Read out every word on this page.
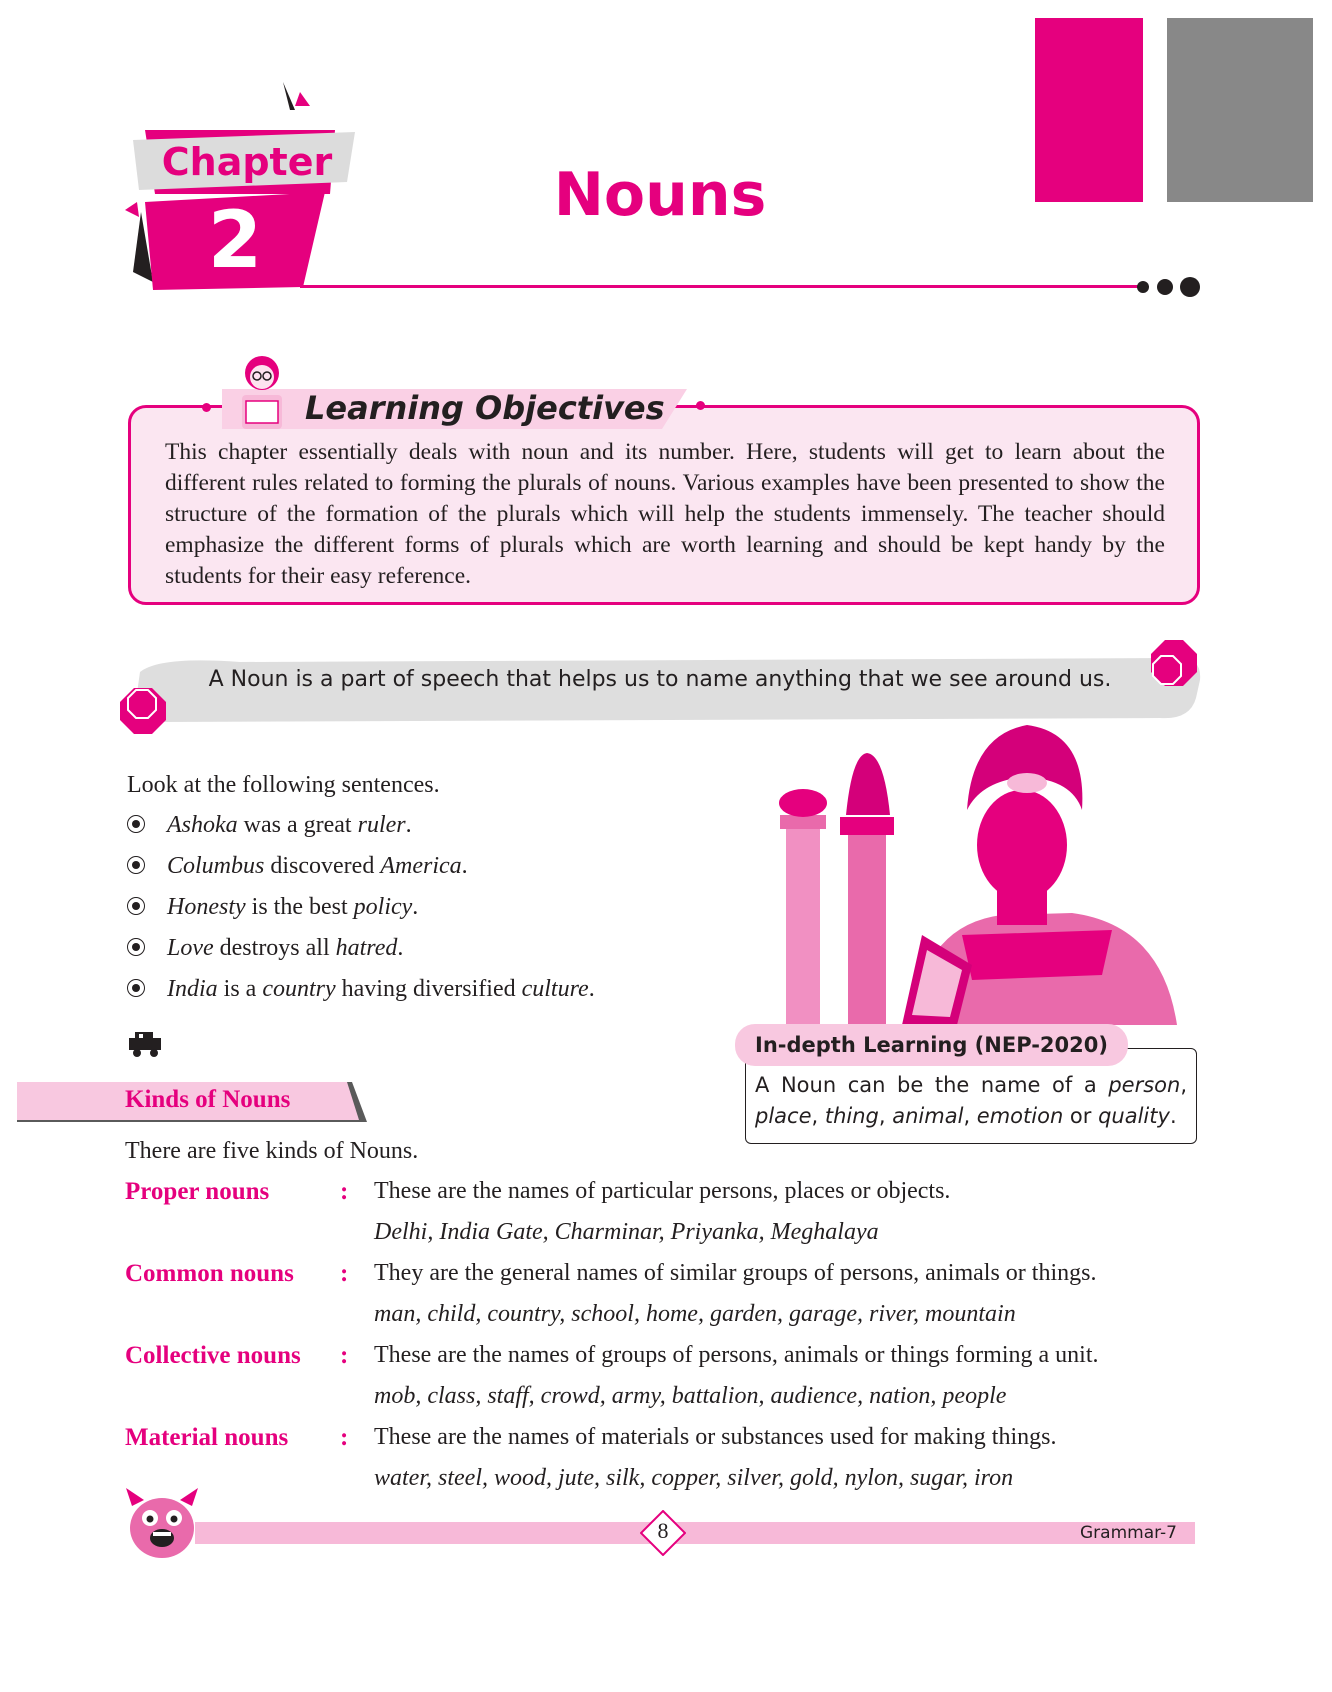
Chapter
2
Nouns
Learning Objectives
This chapter essentially deals with noun and its number. Here, students will get to learn about the different rules related to forming the plurals of nouns. Various examples have been presented to show the structure of the formation of the plurals which will help the students immensely. The teacher should emphasize the different forms of plurals which are worth learning and should be kept handy by the students for their easy reference.
A Noun is a part of speech that helps us to name anything that we see around us.
Look at the following sentences.
Ashoka was a great ruler.
Columbus discovered America.
Honesty is the best policy.
Love destroys all hatred.
India is a country having diversified culture.
In-depth Learning (NEP-2020)
A Noun can be the name of a person, place, thing, animal, emotion or quality.
Kinds of Nouns
There are five kinds of Nouns.
Proper nouns	: These are the names of particular persons, places or objects.
Delhi, India Gate, Charminar, Priyanka, Meghalaya
Common nouns : They are the general names of similar groups of persons, animals or things.
man, child, country, school, home, garden, garage, river, mountain
Collective nouns : These are the names of groups of persons, animals or things forming a unit.
mob, class, staff, crowd, army, battalion, audience, nation, people
Material nouns : These are the names of materials or substances used for making things.
water, steel, wood, jute, silk, copper, silver, gold, nylon, sugar, iron
8	Grammar-7
